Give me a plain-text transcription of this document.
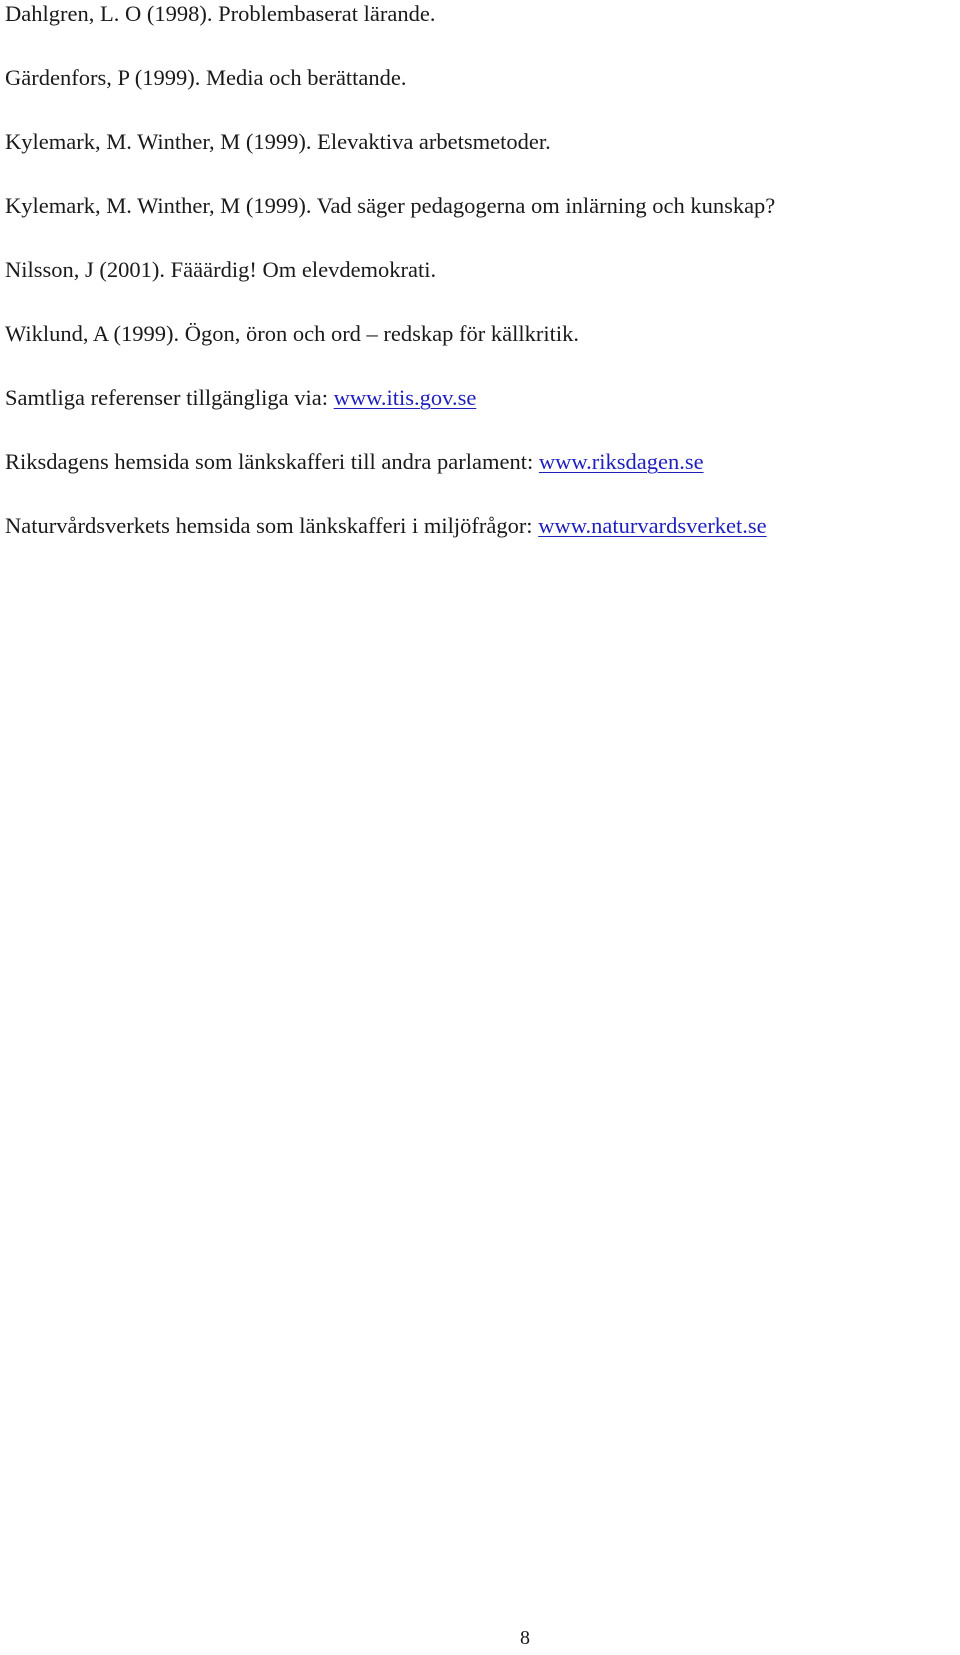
Dahlgren, L. O (1998). Problembaserat lärande.
Gärdenfors, P (1999). Media och berättande.
Kylemark, M. Winther, M (1999). Elevaktiva arbetsmetoder.
Kylemark, M. Winther, M (1999). Vad säger pedagogerna om inlärning och kunskap?
Nilsson, J (2001). Fääärdig! Om elevdemokrati.
Wiklund, A (1999). Ögon, öron och ord – redskap för källkritik.
Samtliga referenser tillgängliga via: www.itis.gov.se
Riksdagens hemsida som länkskafferi till andra parlament: www.riksdagen.se
Naturvårdsverkets hemsida som länkskafferi i miljöfrågor: www.naturvardsverket.se
8
